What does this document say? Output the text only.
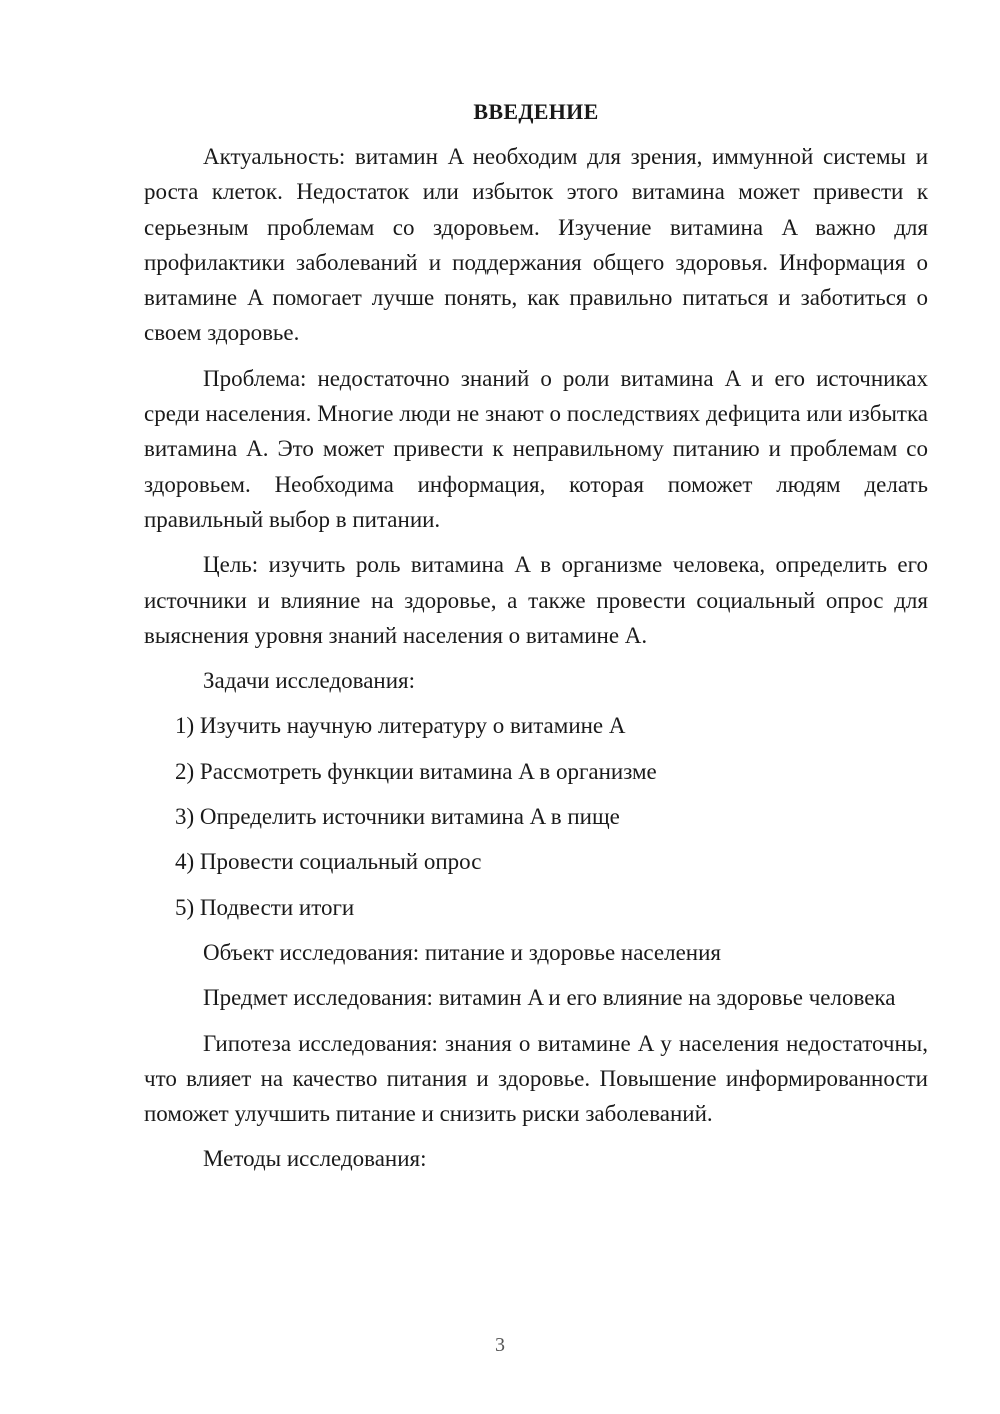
ВВЕДЕНИЕ
Актуальность: витамин A необходим для зрения, иммунной системы и роста клеток. Недостаток или избыток этого витамина может привести к серьезным проблемам со здоровьем. Изучение витамина A важно для профилактики заболеваний и поддержания общего здоровья. Информация о витамине A помогает лучше понять, как правильно питаться и заботиться о своем здоровье.
Проблема: недостаточно знаний о роли витамина A и его источниках среди населения. Многие люди не знают о последствиях дефицита или избытка витамина A. Это может привести к неправильному питанию и проблемам со здоровьем. Необходима информация, которая поможет людям делать правильный выбор в питании.
Цель: изучить роль витамина A в организме человека, определить его источники и влияние на здоровье, а также провести социальный опрос для выяснения уровня знаний населения о витамине A.
Задачи исследования:
1) Изучить научную литературу о витамине A
2) Рассмотреть функции витамина A в организме
3) Определить источники витамина A в пище
4) Провести социальный опрос
5) Подвести итоги
Объект исследования: питание и здоровье населения
Предмет исследования: витамин A и его влияние на здоровье человека
Гипотеза исследования: знания о витамине A у населения недостаточны, что влияет на качество питания и здоровье. Повышение информированности поможет улучшить питание и снизить риски заболеваний.
Методы исследования:
3
